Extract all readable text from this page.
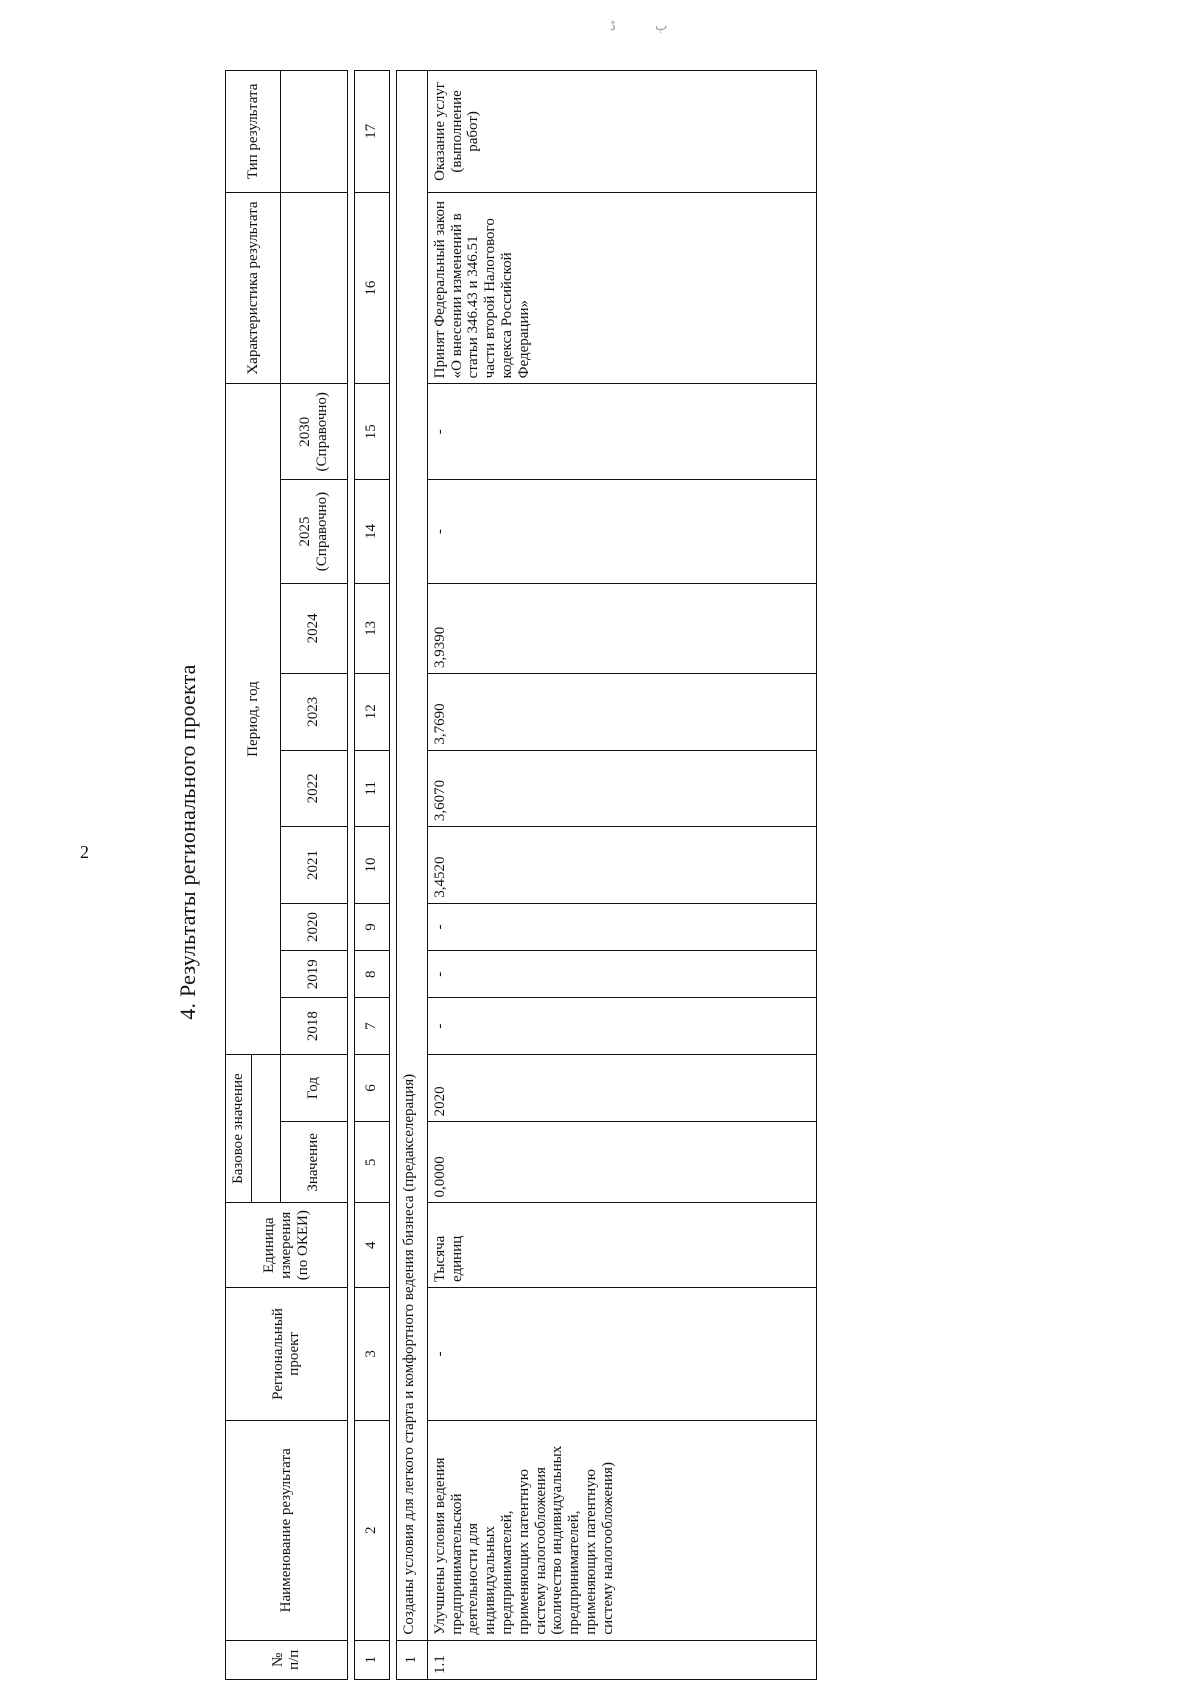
2	4. Результаты регионального проекта
ڈ	ٻ
№ п/п	Наименование результата	Региональный проект	Единица измерения (по ОКЕИ)	Базовое значение		Период, год									Характеристика результата	Тип результата

				Значение	Год	2018	2019	2020	2021	2022	2023	2024	2025 (Справочно)	2030 (Справочно)		

1	2	3	4	5	6	7	8	9	10	11	12	13	14	15	16	17

1	Созданы условия для легкого старта и комфортного ведения бизнеса (предакселерация)															
1.1	Улучшены условия ведения предпринимательской деятельности для индивидуальных предпринимателей, применяющих патентную систему налогообложения (количество индивидуальных предпринимателей, применяющих патентную систему налогообложения)	-	Тысяча единиц	0,0000	2020	-	-	-	3,4520	3,6070	3,7690	3,9390	-	-	Принят Федеральный закон «О внесении изменений в статьи 346.43 и 346.51 части второй Налогового кодекса Российской Федерации»	Оказание услуг (выполнение работ)
